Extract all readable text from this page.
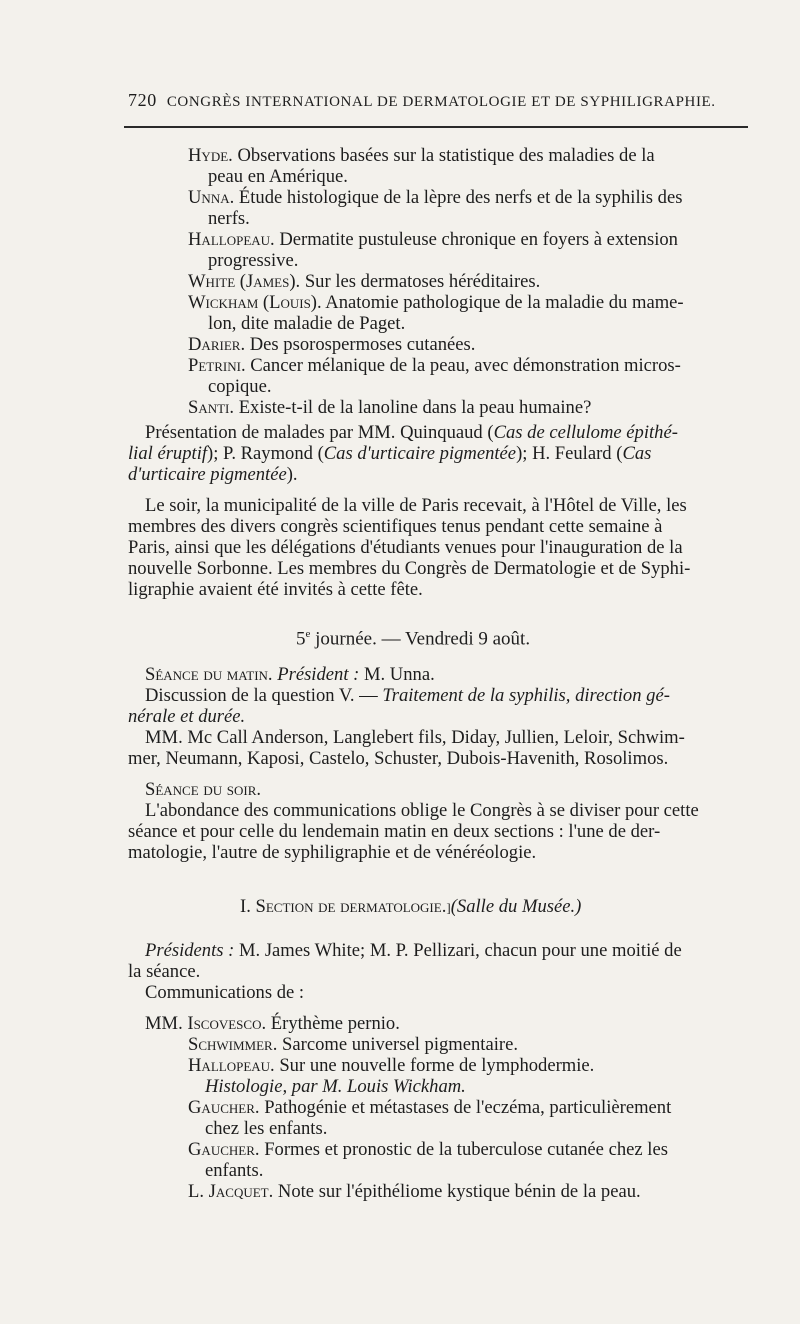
720 CONGRÈS INTERNATIONAL DE DERMATOLOGIE ET DE SYPHILIGRAPHIE.
Hyde. Observations basées sur la statistique des maladies de la
peau en Amérique.
Unna. Étude histologique de la lèpre des nerfs et de la syphilis des
nerfs.
Hallopeau. Dermatite pustuleuse chronique en foyers à extension
progressive.
White (James). Sur les dermatoses héréditaires.
Wickham (Louis). Anatomie pathologique de la maladie du mame-
lon, dite maladie de Paget.
Darier. Des psorospermoses cutanées.
Petrini. Cancer mélanique de la peau, avec démonstration micros-
copique.
Santi. Existe-t-il de la lanoline dans la peau humaine?
Présentation de malades par MM. Quinquaud (Cas de cellulome épithé-
lial éruptif); P. Raymond (Cas d'urticaire pigmentée); H. Feulard (Cas
d'urticaire pigmentée).
Le soir, la municipalité de la ville de Paris recevait, à l'Hôtel de Ville, les
membres des divers congrès scientifiques tenus pendant cette semaine à
Paris, ainsi que les délégations d'étudiants venues pour l'inauguration de la
nouvelle Sorbonne. Les membres du Congrès de Dermatologie et de Syphi-
ligraphie avaient été invités à cette fête.
5e journée. — Vendredi 9 août.
Séance du matin. Président : M. Unna.
Discussion de la question V. — Traitement de la syphilis, direction gé-
nérale et durée.
MM. Mc Call Anderson, Langlebert fils, Diday, Jullien, Leloir, Schwim-
mer, Neumann, Kaposi, Castelo, Schuster, Dubois-Havenith, Rosolimos.
Séance du soir.
L'abondance des communications oblige le Congrès à se diviser pour cette
séance et pour celle du lendemain matin en deux sections : l'une de der-
matologie, l'autre de syphiligraphie et de vénéréologie.
I. Section de dermatologie.](Salle du Musée.)
Présidents : M. James White; M. P. Pellizari, chacun pour une moitié de
la séance.
Communications de :
MM. Iscovesco. Érythème pernio.
Schwimmer. Sarcome universel pigmentaire.
Hallopeau. Sur une nouvelle forme de lymphodermie.
Histologie, par M. Louis Wickham.
Gaucher. Pathogénie et métastases de l'eczéma, particulièrement
chez les enfants.
Gaucher. Formes et pronostic de la tuberculose cutanée chez les
enfants.
L. Jacquet. Note sur l'épithéliome kystique bénin de la peau.
